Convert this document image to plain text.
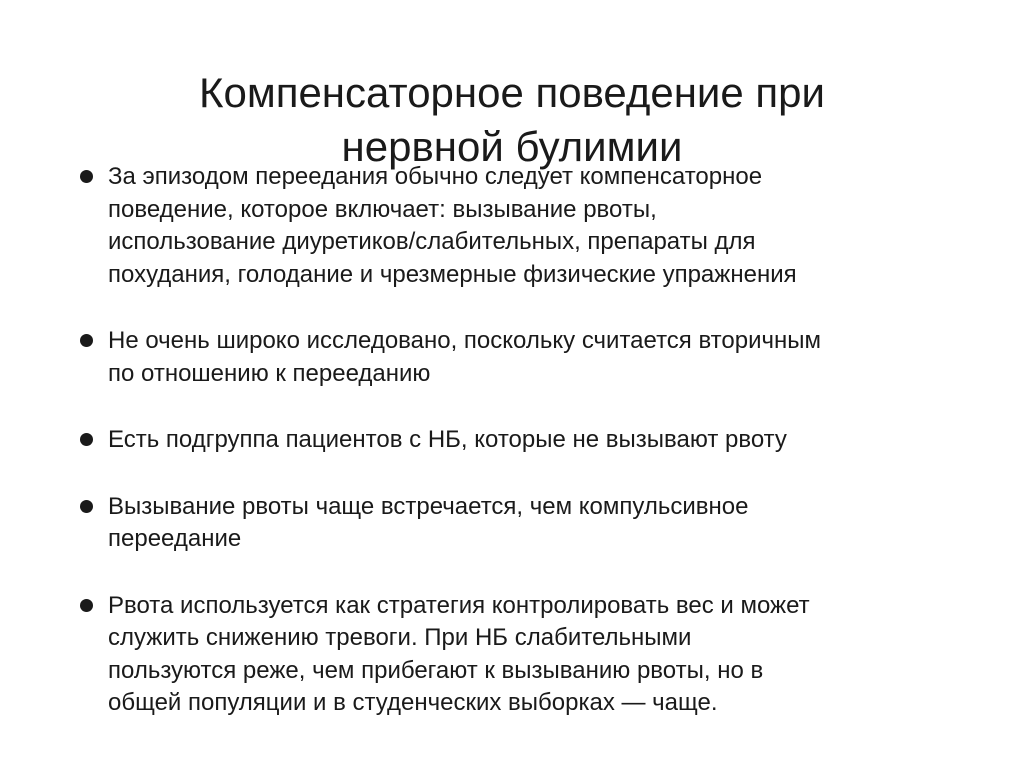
Компенсаторное поведение при
нервной булимии
За эпизодом переедания обычно следует компенсаторное
поведение, которое включает: вызывание рвоты,
использование диуретиков/слабительных, препараты для
похудания, голодание и чрезмерные физические упражнения
Не очень широко исследовано, поскольку считается вторичным
по отношению к перееданию
Есть подгруппа пациентов с НБ, которые не вызывают рвоту
Вызывание рвоты чаще встречается, чем компульсивное
переедание
Рвота используется как стратегия контролировать вес и может
служить снижению тревоги. При НБ слабительными
пользуются реже, чем прибегают к вызыванию рвоты, но в
общей популяции и в студенческих выборках — чаще.
